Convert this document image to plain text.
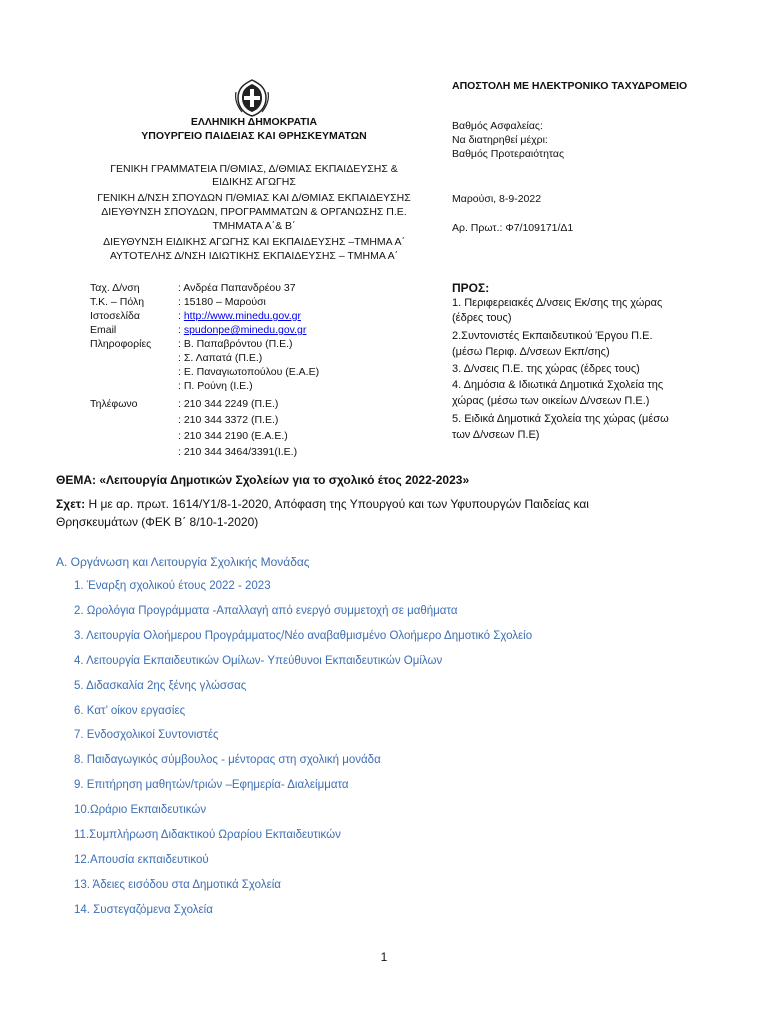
ΕΛΛΗΝΙΚΗ ΔΗΜΟΚΡΑΤΙΑ
ΥΠΟΥΡΓΕΙΟ ΠΑΙΔΕΙΑΣ ΚΑΙ ΘΡΗΣΚΕΥΜΑΤΩΝ
ΓΕΝΙΚΗ ΓΡΑΜΜΑΤΕΙΑ Π/ΘΜΙΑΣ, Δ/ΘΜΙΑΣ ΕΚΠΑΙΔΕΥΣΗΣ &
ΕΙΔΙΚΗΣ ΑΓΩΓΗΣ
ΓΕΝΙΚΗ Δ/ΝΣΗ ΣΠΟΥΔΩΝ Π/ΘΜΙΑΣ ΚΑΙ Δ/ΘΜΙΑΣ ΕΚΠΑΙΔΕΥΣΗΣ
ΔΙΕΥΘΥΝΣΗ ΣΠΟΥΔΩΝ, ΠΡΟΓΡΑΜΜΑΤΩΝ & ΟΡΓΑΝΩΣΗΣ Π.Ε.
ΤΜΗΜΑΤΑ Α΄& Β΄
ΔΙΕΥΘΥΝΣΗ ΕΙΔΙΚΗΣ ΑΓΩΓΗΣ ΚΑΙ ΕΚΠΑΙΔΕΥΣΗΣ –ΤΜΗΜΑ Α΄
ΑΥΤΟΤΕΛΗΣ Δ/ΝΣΗ ΙΔΙΩΤΙΚΗΣ ΕΚΠΑΙΔΕΥΣΗΣ – ΤΜΗΜΑ Α΄
ΑΠΟΣΤΟΛΗ ΜΕ ΗΛΕΚΤΡΟΝΙΚΟ ΤΑΧΥΔΡΟΜΕΙΟ
Βαθμός Ασφαλείας:
Να διατηρηθεί μέχρι:
Βαθμός Προτεραιότητας
Μαρούσι, 8-9-2022
Αρ. Πρωτ.: Φ7/109171/Δ1
Ταχ. Δ/νση	: Ανδρέα Παπανδρέου 37
Τ.Κ. – Πόλη	: 15180 – Μαρούσι
Ιστοσελίδα	: http://www.minedu.gov.gr
Email	: spudonpe@minedu.gov.gr
Πληροφορίες	: Β. Παπαβρόντου (Π.Ε.)
: Σ. Λαπατά (Π.Ε.)
: Ε. Παναγιωτοπούλου (Ε.Α.Ε)
: Π. Ρούνη (Ι.Ε.)
Τηλέφωνο	: 210 344 2249 (Π.Ε.)
: 210 344 3372 (Π.Ε.)
: 210 344 2190 (Ε.Α.Ε.)
: 210 344 3464/3391(Ι.Ε.)
ΠΡΟΣ:
1. Περιφερειακές Δ/νσεις Εκ/σης της χώρας
(έδρες τους)
2.Συντονιστές Εκπαιδευτικού Έργου Π.Ε.
(μέσω Περιφ. Δ/νσεων Εκπ/σης)
3. Δ/νσεις Π.Ε. της χώρας (έδρες τους)
4. Δημόσια & Ιδιωτικά Δημοτικά Σχολεία της
χώρας (μέσω των οικείων Δ/νσεων Π.Ε.)
5. Ειδικά Δημοτικά Σχολεία της χώρας (μέσω
των Δ/νσεων Π.Ε)
ΘΕΜΑ: «Λειτουργία Δημοτικών Σχολείων για το σχολικό έτος 2022-2023»
Σχετ: Η με αρ. πρωτ. 1614/Υ1/8-1-2020, Απόφαση της Υπουργού και των Υφυπουργών Παιδείας και
Θρησκευμάτων (ΦΕΚ Β΄ 8/10-1-2020)
Α. Οργάνωση και Λειτουργία Σχολικής Μονάδας
1. Έναρξη σχολικού έτους 2022 - 2023
2. Ωρολόγια Προγράμματα -Απαλλαγή από ενεργό συμμετοχή σε μαθήματα
3. Λειτουργία Ολοήμερου Προγράμματος/Νέο αναβαθμισμένο Ολοήμερο Δημοτικό Σχολείο
4. Λειτουργία Εκπαιδευτικών Ομίλων- Υπεύθυνοι Εκπαιδευτικών Ομίλων
5. Διδασκαλία 2ης ξένης γλώσσας
6. Κατ’ οίκον εργασίες
7. Ενδοσχολικοί Συντονιστές
8. Παιδαγωγικός σύμβουλος - μέντορας στη σχολική μονάδα
9. Επιτήρηση μαθητών/τριών –Εφημερία- Διαλείμματα
10.Ωράριο Εκπαιδευτικών
11.Συμπλήρωση Διδακτικού Ωραρίου Εκπαιδευτικών
12.Απουσία εκπαιδευτικού
13. Άδειες εισόδου στα Δημοτικά Σχολεία
14. Συστεγαζόμενα Σχολεία
1
